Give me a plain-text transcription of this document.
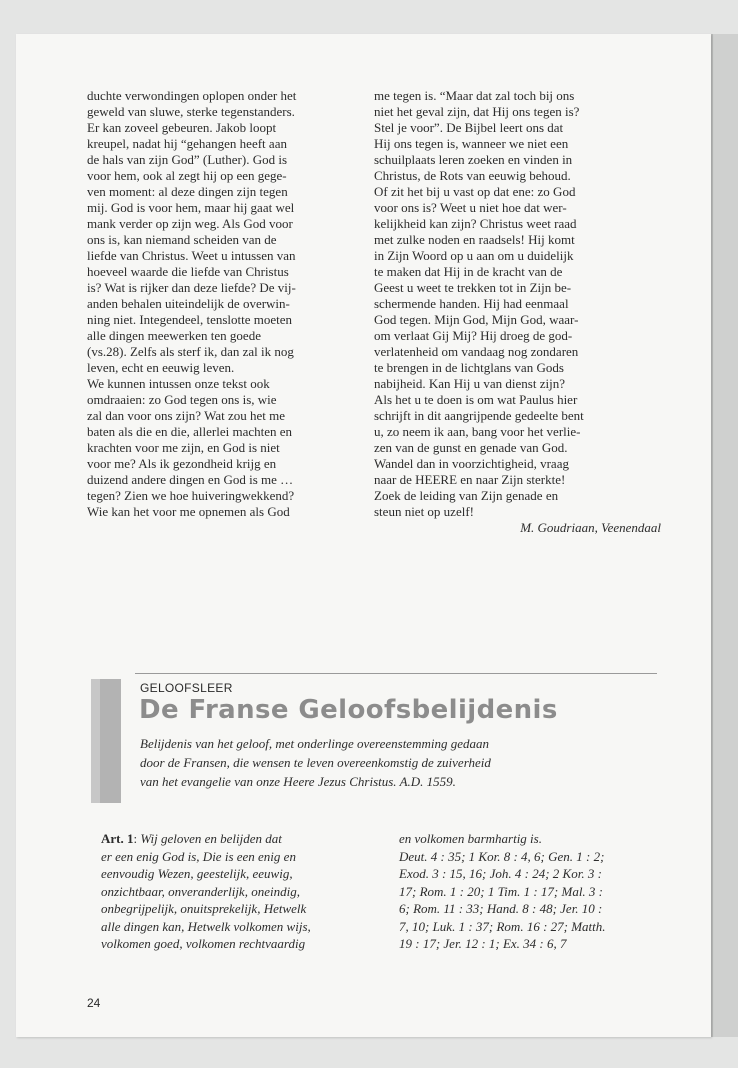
duchte verwondingen oplopen onder het

geweld van sluwe, sterke tegenstanders.

Er kan zoveel gebeuren. Jakob loopt

kreupel, nadat hij “gehangen heeft aan

de hals van zijn God” (Luther). God is

voor hem, ook al zegt hij op een gege-

ven moment: al deze dingen zijn tegen

mij. God is voor hem, maar hij gaat wel

mank verder op zijn weg. Als God voor

ons is, kan niemand scheiden van de

liefde van Christus. Weet u intussen van

hoeveel waarde die liefde van Christus

is? Wat is rijker dan deze liefde? De vij-

anden behalen uiteindelijk de overwin-

ning niet. Integendeel, tenslotte moeten

alle dingen meewerken ten goede

(vs.28). Zelfs als sterf ik, dan zal ik nog

leven, echt en eeuwig leven.

We kunnen intussen onze tekst ook

omdraaien: zo God tegen ons is, wie

zal dan voor ons zijn? Wat zou het me

baten als die en die, allerlei machten en

krachten voor me zijn, en God is niet

voor me? Als ik gezondheid krijg en

duizend andere dingen en God is me …

tegen? Zien we hoe huiveringwekkend?

Wie kan het voor me opnemen als God

me tegen is. “Maar dat zal toch bij ons

niet het geval zijn, dat Hij ons tegen is?

Stel je voor”. De Bijbel leert ons dat

Hij ons tegen is, wanneer we niet een

schuilplaats leren zoeken en vinden in

Christus, de Rots van eeuwig behoud.

Of zit het bij u vast op dat ene: zo God

voor ons is? Weet u niet hoe dat wer-

kelijkheid kan zijn? Christus weet raad

met zulke noden en raadsels! Hij komt

in Zijn Woord op u aan om u duidelijk

te maken dat Hij in de kracht van de

Geest u weet te trekken tot in Zijn be-

schermende handen. Hij had eenmaal

God tegen. Mijn God, Mijn God, waar-

om verlaat Gij Mij? Hij droeg de god-

verlatenheid om vandaag nog zondaren

te brengen in de lichtglans van Gods

nabijheid. Kan Hij u van dienst zijn?

Als het u te doen is om wat Paulus hier

schrijft in dit aangrijpende gedeelte bent

u, zo neem ik aan, bang voor het verlie-

zen van de gunst en genade van God.

Wandel dan in voorzichtigheid, vraag

naar de HEERE en naar Zijn sterkte!

Zoek de leiding van Zijn genade en

steun niet op uzelf!

M. Goudriaan, Veenendaal

GELOOFSLEER
De Franse Geloofsbelijdenis

Belijdenis van het geloof, met onderlinge overeenstemming gedaan

door de Fransen, die wensen te leven overeenkomstig de zuiverheid

van het evangelie van onze Heere Jezus Christus. A.D. 1559.

Art. 1: Wij geloven en belijden dat

er een enig God is, Die is een enig en

eenvoudig Wezen, geestelijk, eeuwig,

onzichtbaar, onveranderlijk, oneindig,

onbegrijpelijk, onuitsprekelijk, Hetwelk

alle dingen kan, Hetwelk volkomen wijs,

volkomen goed, volkomen rechtvaardig

en volkomen barmhartig is.

Deut. 4 : 35; 1 Kor. 8 : 4, 6; Gen. 1 : 2;

Exod. 3 : 15, 16; Joh. 4 : 24; 2 Kor. 3 :

17; Rom. 1 : 20; 1 Tim. 1 : 17; Mal. 3 :

6; Rom. 11 : 33; Hand. 8 : 48; Jer. 10 :

7, 10; Luk. 1 : 37; Rom. 16 : 27; Matth.

19 : 17; Jer. 12 : 1; Ex. 34 : 6, 7

24
